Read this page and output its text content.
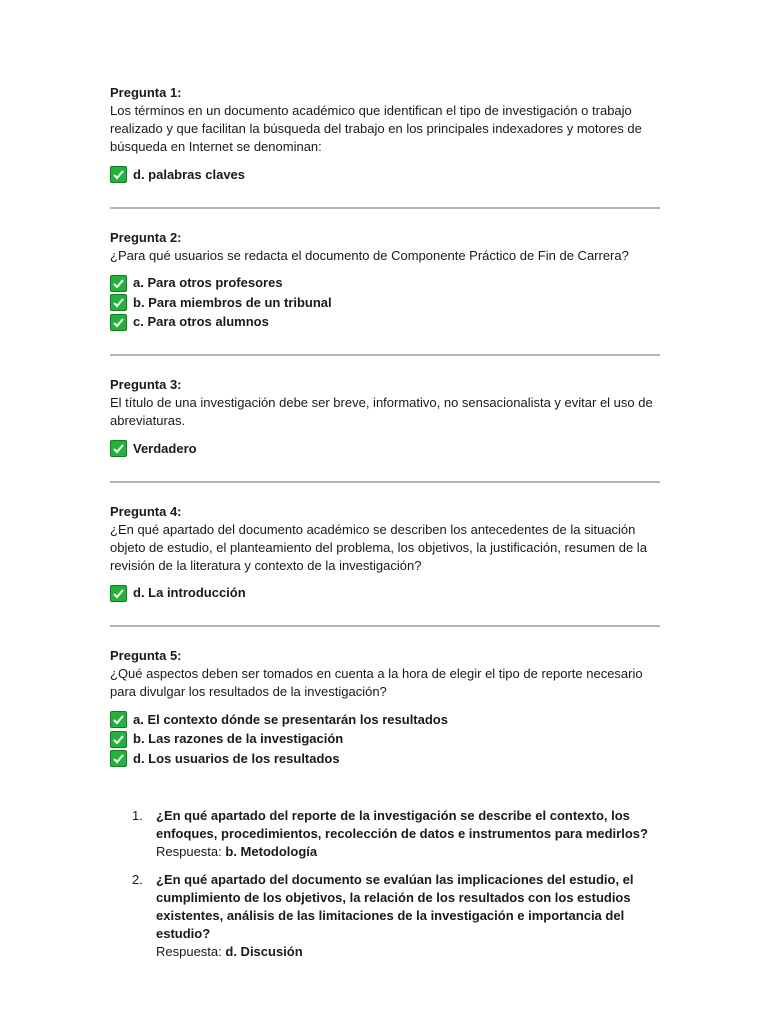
Pregunta 1:

Los términos en un documento académico que identifican el tipo de investigación o trabajo realizado y que facilitan la búsqueda del trabajo en los principales indexadores y motores de búsqueda en Internet se denominan:

d. palabras claves
Pregunta 2:

¿Para qué usuarios se redacta el documento de Componente Práctico de Fin de Carrera?

a. Para otros profesores
b. Para miembros de un tribunal
c. Para otros alumnos
Pregunta 3:

El título de una investigación debe ser breve, informativo, no sensacionalista y evitar el uso de abreviaturas.

Verdadero
Pregunta 4:

¿En qué apartado del documento académico se describen los antecedentes de la situación objeto de estudio, el planteamiento del problema, los objetivos, la justificación, resumen de la revisión de la literatura y contexto de la investigación?

d. La introducción
Pregunta 5:

¿Qué aspectos deben ser tomados en cuenta a la hora de elegir el tipo de reporte necesario para divulgar los resultados de la investigación?

a. El contexto dónde se presentarán los resultados
b. Las razones de la investigación
d. Los usuarios de los resultados
1.	¿En qué apartado del reporte de la investigación se describe el contexto, los enfoques, procedimientos, recolección de datos e instrumentos para medirlos?
Respuesta: b. Metodología
2.	¿En qué apartado del documento se evalúan las implicaciones del estudio, el cumplimiento de los objetivos, la relación de los resultados con los estudios existentes, análisis de las limitaciones de la investigación e importancia del estudio?
Respuesta: d. Discusión
